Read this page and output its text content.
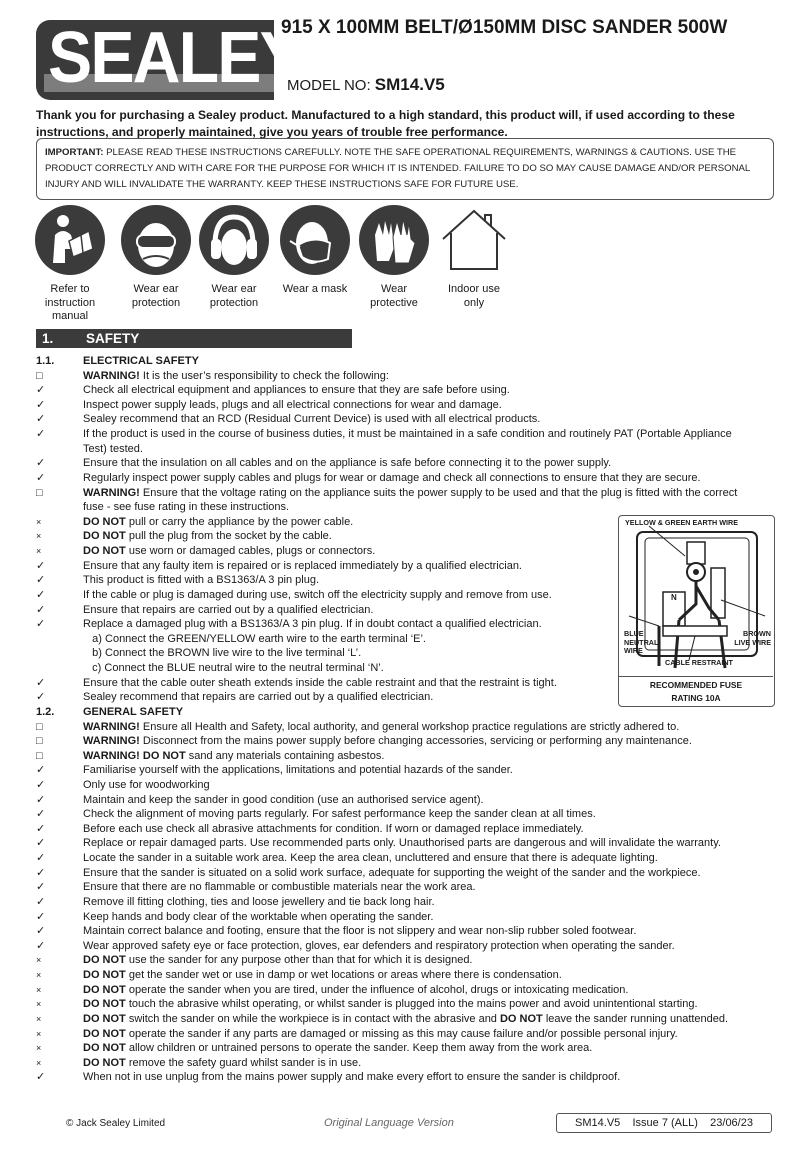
SEALEY
915 X 100MM BELT/Ø150MM DISC SANDER 500W
MODEL NO: SM14.V5
Thank you for purchasing a Sealey product. Manufactured to a high standard, this product will, if used according to these instructions, and properly maintained, give you years of trouble free performance.
IMPORTANT: PLEASE READ THESE INSTRUCTIONS CAREFULLY. NOTE THE SAFE OPERATIONAL REQUIREMENTS, WARNINGS & CAUTIONS. USE THE PRODUCT CORRECTLY AND WITH CARE FOR THE PURPOSE FOR WHICH IT IS INTENDED. FAILURE TO DO SO MAY CAUSE DAMAGE AND/OR PERSONAL INJURY AND WILL INVALIDATE THE WARRANTY. KEEP THESE INSTRUCTIONS SAFE FOR FUTURE USE.
Refer to instruction manual
Wear ear protection
Wear ear protection
Wear a mask	Wear protective
Indoor use only
1. SAFETY
1.1.	ELECTRICAL SAFETY
□	WARNING! It is the user’s responsibility to check the following:
✓	Check all electrical equipment and appliances to ensure that they are safe before using.
✓	Inspect power supply leads, plugs and all electrical connections for wear and damage.
✓	Sealey recommend that an RCD (Residual Current Device) is used with all electrical products.
✓	If the product is used in the course of business duties, it must be maintained in a safe condition and routinely PAT (Portable Appliance
Test) tested.
✓	Ensure that the insulation on all cables and on the appliance is safe before connecting it to the power supply.
✓	Regularly inspect power supply cables and plugs for wear or damage and check all connections to ensure that they are secure.
□	WARNING! Ensure that the voltage rating on the appliance suits the power supply to be used and that the plug is fitted with the correct
fuse - see fuse rating in these instructions.
×	DO NOT pull or carry the appliance by the power cable.
×	DO NOT pull the plug from the socket by the cable.
×	DO NOT use worn or damaged cables, plugs or connectors.
✓	Ensure that any faulty item is repaired or is replaced immediately by a qualified electrician.
✓	This product is fitted with a BS1363/A 3 pin plug.
✓	If the cable or plug is damaged during use, switch off the electricity supply and remove from use.
✓	Ensure that repairs are carried out by a qualified electrician.
✓	Replace a damaged plug with a BS1363/A 3 pin plug. If in doubt contact a qualified electrician.
a) Connect the GREEN/YELLOW earth wire to the earth terminal ‘E’.
b) Connect the BROWN live wire to the live terminal ‘L’.
c) Connect the BLUE neutral wire to the neutral terminal ‘N’.
✓	Ensure that the cable outer sheath extends inside the cable restraint and that the restraint is tight.
✓	Sealey recommend that repairs are carried out by a qualified electrician.
1.2.	GENERAL SAFETY
□	WARNING! Ensure all Health and Safety, local authority, and general workshop practice regulations are strictly adhered to.
□	WARNING! Disconnect from the mains power supply before changing accessories, servicing or performing any maintenance.
□	WARNING! DO NOT sand any materials containing asbestos.
✓	Familiarise yourself with the applications, limitations and potential hazards of the sander.
✓	Only use for woodworking
✓	Maintain and keep the sander in good condition (use an authorised service agent).
✓	Check the alignment of moving parts regularly. For safest performance keep the sander clean at all times.
✓	Before each use check all abrasive attachments for condition. If worn or damaged replace immediately.
✓	Replace or repair damaged parts. Use recommended parts only. Unauthorised parts are dangerous and will invalidate the warranty.
✓	Locate the sander in a suitable work area. Keep the area clean, uncluttered and ensure that there is adequate lighting.
✓	Ensure that the sander is situated on a solid work surface, adequate for supporting the weight of the sander and the workpiece.
✓	Ensure that there are no flammable or combustible materials near the work area.
✓	Remove ill fitting clothing, ties and loose jewellery and tie back long hair.
✓	Keep hands and body clear of the worktable when operating the sander.
✓	Maintain correct balance and footing, ensure that the floor is not slippery and wear non-slip rubber soled footwear.
✓	Wear approved safety eye or face protection, gloves, ear defenders and respiratory protection when operating the sander.
×	DO NOT use the sander for any purpose other than that for which it is designed.
×	DO NOT get the sander wet or use in damp or wet locations or areas where there is condensation.
×	DO NOT operate the sander when you are tired, under the influence of alcohol, drugs or intoxicating medication.
×	DO NOT touch the abrasive whilst operating, or whilst sander is plugged into the mains power and avoid unintentional starting.
×	DO NOT switch the sander on while the workpiece is in contact with the abrasive and DO NOT leave the sander running unattended.
×	DO NOT operate the sander if any parts are damaged or missing as this may cause failure and/or possible personal injury.
×	DO NOT allow children or untrained persons to operate the sander. Keep them away from the work area.
×	DO NOT remove the safety guard whilst sander is in use.
✓	When not in use unplug from the mains power supply and make every effort to ensure the sander is childproof.
YELLOW & GREEN EARTH WIRE
N
BLUE NEUTRAL WIRE
BROWN LIVE WIRE
CABLE RESTRAINT
RECOMMENDED FUSE RATING 10A
© Jack Sealey Limited	Original Language Version	SM14.V5    Issue 7 (ALL)    23/06/23
